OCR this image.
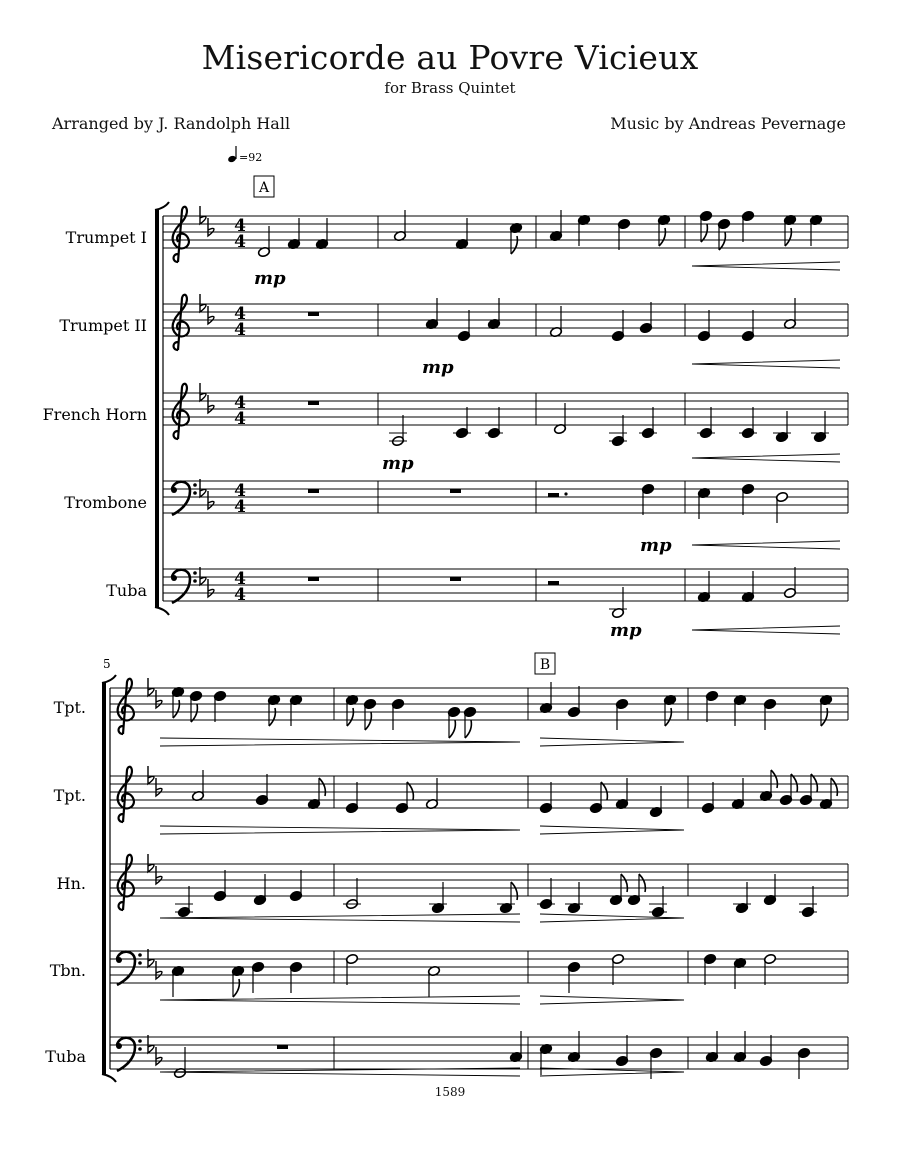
Misericorde au Povre Vicieux
for Brass Quintet
Arranged by J. Randolph Hall	Music by Andreas Pevernage
1589
4
4
Trumpet I
4
4
Trumpet II
4
4
French Horn
4
4
Trombone
4
4
Tuba
=92
A
mp
mp
mp
mp
mp
Tpt.
Tpt.
Hn.
Tbn.
Tuba
5	B
